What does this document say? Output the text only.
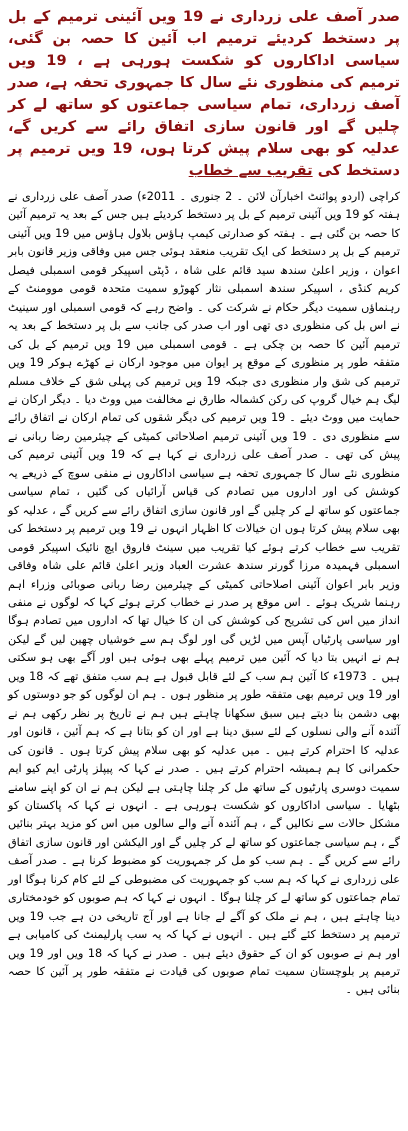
صدر آصف علی زرداری نے 19 ویں آئینی ترمیم کے بل پر دستخط کردیئے ترمیم اب آئین کا حصہ بن گئی، سیاسی اداکاروں کو شکست ہورہی ہے ، 19 ویں ترمیم کی منظوری نئے سال کا جمہوری تحفہ ہے، صدر آصف زرداری، تمام سیاسی جماعتوں کو ساتھ لے کر چلیں گے اور قانون سازی اتفاق رائے سے کریں گے، عدلیہ کو بھی سلام پیش کرتا ہوں، 19 ویں ترمیم پر دستخط کی تقریب سے خطاب

کراچی (اردو پوائنٹ اخبارآن لائن ۔ 2 جنوری ۔ 2011ء) صدر آصف علی زرداری نے ہفتہ کو 19 ویں آئینی ترمیم کے بل پر دستخط کردیئے ہیں جس کے بعد یہ ترمیم آئین کا حصہ بن گئی ہے ۔ ہفتہ کو صدارتی کیمپ ہاؤس بلاول ہاؤس میں 19 ویں آئینی ترمیم کے بل پر دستخط کی ایک تقریب منعقد ہوئی جس میں وفاقی وزیر قانون بابر اعوان ، وزیر اعلیٰ سندھ سید قائم علی شاہ ، ڈپٹی اسپیکر قومی اسمبلی فیصل کریم کنڈی ، اسپیکر سندھ اسمبلی نثار کھوڑو سمیت متحدہ قومی موومنٹ کے رہنماؤں سمیت دیگر حکام نے شرکت کی ۔ واضح رہے کہ قومی اسمبلی اور سینیٹ نے اس بل کی منظوری دی تھی اور اب صدر کی جانب سے بل پر دستخط کے بعد یہ ترمیم آئین کا حصہ بن چکی ہے ۔ قومی اسمبلی میں 19 ویں ترمیم کے بل کی متفقہ طور پر منظوری کے موقع پر ایوان میں موجود ارکان نے کھڑے ہوکر 19 ویں ترمیم کی شق وار منظوری دی جبکہ 19 ویں ترمیم کی پہلی شق کے خلاف مسلم لیگ ہم خیال گروپ کی رکن کشمالہ طارق نے مخالفت میں ووٹ دیا ۔ دیگر ارکان نے حمایت میں ووٹ دیئے ۔ 19 ویں ترمیم کی دیگر شقوں کی تمام ارکان نے اتفاق رائے سے منظوری دی ۔ 19 ویں آئینی ترمیم اصلاحاتی کمیٹی کے چیئرمین رضا ربانی نے پیش کی تھی ۔ صدر آصف علی زرداری نے کہا ہے کہ 19 ویں آئینی ترمیم کی منظوری نئے سال کا جمہوری تحفہ ہے سیاسی اداکاروں نے منفی سوچ کے ذریعے یہ کوشش کی اور اداروں میں تصادم کی قیاس آرائیاں کی گئیں ، تمام سیاسی جماعتوں کو ساتھ لے کر چلیں گے اور قانون سازی اتفاق رائے سے کریں گے ، عدلیہ کو بھی سلام پیش کرتا ہوں ان خیالات کا اظہار انہوں نے 19 ویں ترمیم پر دستخط کی تقریب سے خطاب کرتے ہوئے کیا تقریب میں سینٹ فاروق ایچ نائیک اسپیکر قومی اسمبلی فہمیدہ مرزا گورنر سندھ عشرت العباد وزیر اعلیٰ قائم علی شاہ وفاقی وزیر بابر اعوان آئینی اصلاحاتی کمیٹی کے چیئرمین رضا ربانی صوبائی وزراء اہم رہنما شریک ہوئے ۔ اس موقع پر صدر نے خطاب کرتے ہوئے کہا کہ لوگوں نے منفی انداز میں اس کی تشریح کی کوشش کی ان کا خیال تھا کہ اداروں میں تصادم ہوگا اور سیاسی پارٹیاں آپس میں لڑیں گی اور لوگ ہم سے خوشیاں چھین لیں گے لیکن ہم نے انہیں بتا دیا کہ آئین میں ترمیم پہلے بھی ہوئی ہیں اور آگے بھی ہو سکتی ہیں ۔ 1973ء کا آئین ہم سب کے لئے قابل قبول ہے ہم سب متفق تھے کہ 18 ویں اور 19 ویں ترمیم بھی متفقہ طور پر منظور ہوں ۔ ہم ان لوگوں کو جو دوستوں کو بھی دشمن بنا دیتے ہیں سبق سکھانا چاہتے ہیں ہم نے تاریخ پر نظر رکھی ہم نے آئندہ آنے والی نسلوں کے لئے سبق دینا ہے اور ان کو بتانا ہے کہ ہم آئین ، قانون اور عدلیہ کا احترام کرتے ہیں ۔ میں عدلیہ کو بھی سلام پیش کرتا ہوں ۔ قانون کی حکمرانی کا ہم ہمیشہ احترام کرتے ہیں ۔ صدر نے کہا کہ پیپلز پارٹی ایم کیو ایم سمیت دوسری پارٹیوں کے ساتھ مل کر چلنا چاہتی ہے لیکن ہم نے ان کو اپنے سامنے بٹھایا ۔ سیاسی اداکاروں کو شکست ہورہی ہے ۔ انہوں نے کہا کہ پاکستان کو مشکل حالات سے نکالیں گے ، ہم آئندہ آنے والے سالوں میں اس کو مزید بہتر بنائیں گے ، ہم سیاسی جماعتوں کو ساتھ لے کر چلیں گے اور الیکشن اور قانون سازی اتفاق رائے سے کریں گے ۔ ہم سب کو مل کر جمہوریت کو مضبوط کرنا ہے ۔ صدر آصف علی زرداری نے کہا کہ ہم سب کو جمہوریت کی مضبوطی کے لئے کام کرنا ہوگا اور تمام جماعتوں کو ساتھ لے کر چلنا ہوگا ۔ انہوں نے کہا کہ ہم صوبوں کو خودمختاری دینا چاہتے ہیں ، ہم نے ملک کو آگے لے جانا ہے اور آج تاریخی دن ہے جب 19 ویں ترمیم پر دستخط کئے گئے ہیں ۔ انہوں نے کہا کہ یہ سب پارلیمنٹ کی کامیابی ہے اور ہم نے صوبوں کو ان کے حقوق دیئے ہیں ۔ صدر نے کہا کہ 18 ویں اور 19 ویں ترمیم پر بلوچستان سمیت تمام صوبوں کی قیادت نے متفقہ طور پر آئین کا حصہ بنائی ہیں ۔
